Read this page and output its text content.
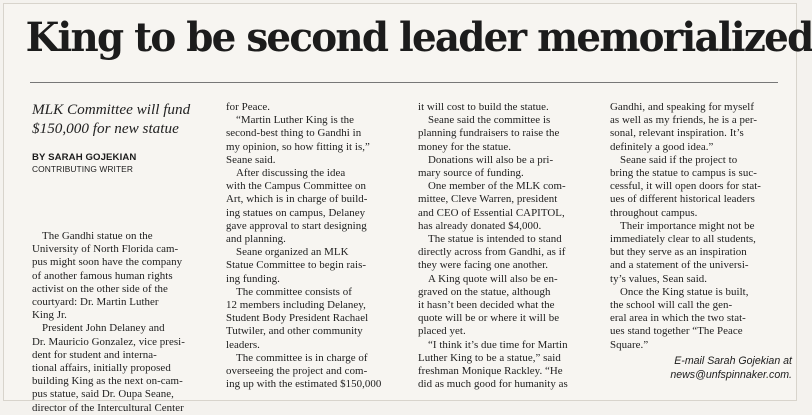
King to be second leader memorialized
MLK Committee will fund
$150,000 for new statue
BY SARAH GOJEKIAN
CONTRIBUTING WRITER
The Gandhi statue on the
University of North Florida cam-
pus might soon have the company
of another famous human rights
activist on the other side of the
courtyard: Dr. Martin Luther
King Jr.
President John Delaney and
Dr. Mauricio Gonzalez, vice presi-
dent for student and interna-
tional affairs, initially proposed
building King as the next on-cam-
pus statue, said Dr. Oupa Seane,
director of the Intercultural Center
for Peace.
“Martin Luther King is the
second-best thing to Gandhi in
my opinion, so how fitting it is,”
Seane said.
After discussing the idea
with the Campus Committee on
Art, which is in charge of build-
ing statues on campus, Delaney
gave approval to start designing
and planning.
Seane organized an MLK
Statue Committee to begin rais-
ing funding.
The committee consists of
12 members including Delaney,
Student Body President Rachael
Tutwiler, and other community
leaders.
The committee is in charge of
overseeing the project and com-
ing up with the estimated $150,000
it will cost to build the statue.
Seane said the committee is
planning fundraisers to raise the
money for the statue.
Donations will also be a pri-
mary source of funding.
One member of the MLK com-
mittee, Cleve Warren, president
and CEO of Essential CAPITOL,
has already donated $4,000.
The statue is intended to stand
directly across from Gandhi, as if
they were facing one another.
A King quote will also be en-
graved on the statue, although
it hasn’t been decided what the
quote will be or where it will be
placed yet.
“I think it’s due time for Martin
Luther King to be a statue,” said
freshman Monique Rackley. “He
did as much good for humanity as
Gandhi, and speaking for myself
as well as my friends, he is a per-
sonal, relevant inspiration. It’s
definitely a good idea.”
Seane said if the project to
bring the statue to campus is suc-
cessful, it will open doors for stat-
ues of different historical leaders
throughout campus.
Their importance might not be
immediately clear to all students,
but they serve as an inspiration
and a statement of the universi-
ty’s values, Sean said.
Once the King statue is built,
the school will call the gen-
eral area in which the two stat-
ues stand together “The Peace
Square.”
E-mail Sarah Gojekian at
news@unfspinnaker.com.
